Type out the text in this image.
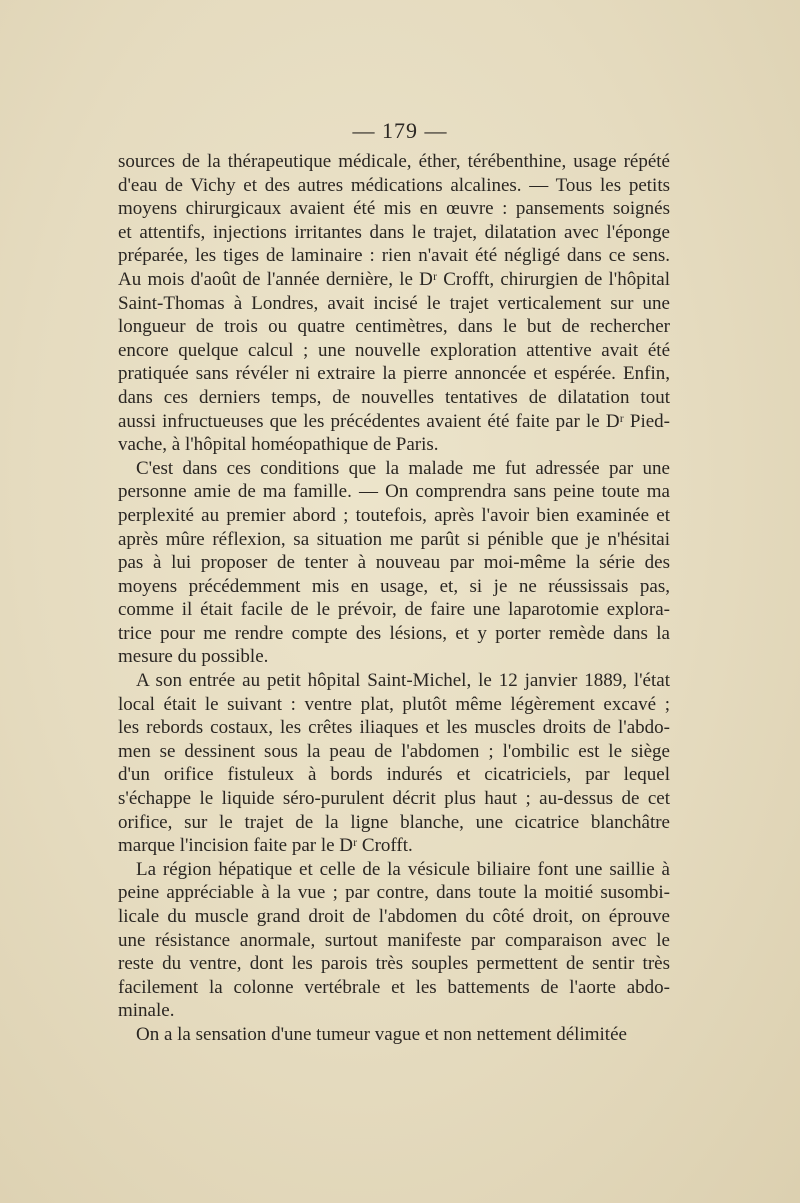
— 179 —
sources de la thérapeutique médicale, éther, térébenthine, usage répété
d'eau de Vichy et des autres médications alcalines. — Tous les petits
moyens chirurgicaux avaient été mis en œuvre : pansements soignés
et attentifs, injections irritantes dans le trajet, dilatation avec l'éponge
préparée, les tiges de laminaire : rien n'avait été négligé dans ce sens.
Au mois d'août de l'année dernière, le Dʳ Crofft, chirurgien de l'hôpital
Saint-Thomas à Londres, avait incisé le trajet verticalement sur une
longueur de trois ou quatre centimètres, dans le but de rechercher
encore quelque calcul ; une nouvelle exploration attentive avait été
pratiquée sans révéler ni extraire la pierre annoncée et espérée. Enfin,
dans ces derniers temps, de nouvelles tentatives de dilatation tout
aussi infructueuses que les précédentes avaient été faite par le Dʳ Pied-
vache, à l'hôpital homéopathique de Paris.
C'est dans ces conditions que la malade me fut adressée par une
personne amie de ma famille. — On comprendra sans peine toute ma
perplexité au premier abord ; toutefois, après l'avoir bien examinée et
après mûre réflexion, sa situation me parût si pénible que je n'hésitai
pas à lui proposer de tenter à nouveau par moi-même la série des
moyens précédemment mis en usage, et, si je ne réussissais pas,
comme il était facile de le prévoir, de faire une laparotomie explora-
trice pour me rendre compte des lésions, et y porter remède dans la
mesure du possible.
A son entrée au petit hôpital Saint-Michel, le 12 janvier 1889, l'état
local était le suivant : ventre plat, plutôt même légèrement excavé ;
les rebords costaux, les crêtes iliaques et les muscles droits de l'abdo-
men se dessinent sous la peau de l'abdomen ; l'ombilic est le siège
d'un orifice fistuleux à bords indurés et cicatriciels, par lequel
s'échappe le liquide séro-purulent décrit plus haut ; au-dessus de cet
orifice, sur le trajet de la ligne blanche, une cicatrice blanchâtre
marque l'incision faite par le Dʳ Crofft.
La région hépatique et celle de la vésicule biliaire font une saillie à
peine appréciable à la vue ; par contre, dans toute la moitié susombi-
licale du muscle grand droit de l'abdomen du côté droit, on éprouve
une résistance anormale, surtout manifeste par comparaison avec le
reste du ventre, dont les parois très souples permettent de sentir très
facilement la colonne vertébrale et les battements de l'aorte abdo-
minale.
On a la sensation d'une tumeur vague et non nettement délimitée
